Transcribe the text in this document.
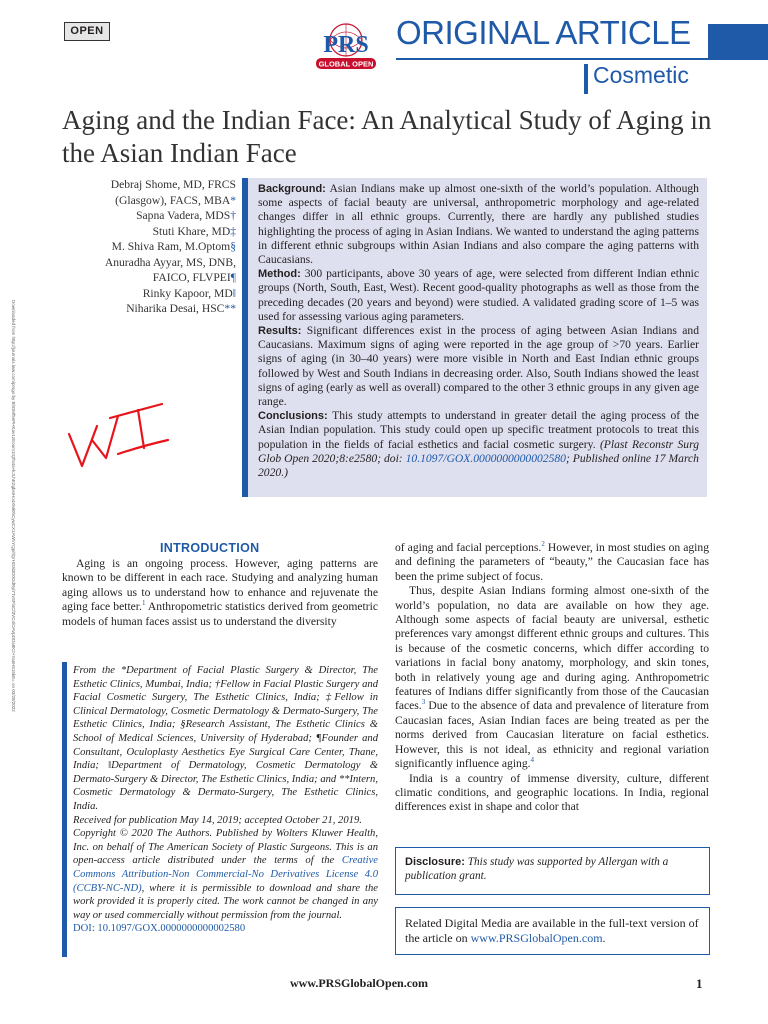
OPEN
PRS
GLOBAL OPEN
ORIGINAL ARTICLE
Cosmetic
Aging and the Indian Face: An Analytical Study of Aging in the Asian Indian Face
Debraj Shome, MD, FRCS
(Glasgow), FACS, MBA*
Sapna Vadera, MDS†
Stuti Khare, MD‡
M. Shiva Ram, M.Optom§
Anuradha Ayyar, MS, DNB,
FAICO, FLVPEI¶
Rinky Kapoor, MD‖
Niharika Desai, HSC**
Downloaded from http://journals.lww.com/prsgo by BhDMf5ePHKav1zEoum1tQfN4a+kJLhEZgbsIHo4XMi0hCywCX1AWnYQp/IlQrHD3i3D0OdRyi7TvSFl4Cf3VC4/OAVpDDa8K2+Ya6H515kE= on 03/28/2022

Background: Asian Indians make up almost one-sixth of the world’s population. Although some aspects of facial beauty are universal, anthropometric morphology and age-related changes differ in all ethnic groups. Currently, there are hardly any published studies highlighting the process of aging in Asian Indians. We wanted to understand the aging patterns in different ethnic subgroups within Asian Indians and also compare the aging patterns with Caucasians.

Method: 300 participants, above 30 years of age, were selected from different Indian ethnic groups (North, South, East, West). Recent good-quality photographs as well as those from the preceding decades (20 years and beyond) were studied. A validated grading score of 1–5 was used for assessing various aging parameters.

Results: Significant differences exist in the process of aging between Asian Indians and Caucasians. Maximum signs of aging were reported in the age group of >70 years. Earlier signs of aging (in 30–40 years) were more visible in North and East Indian ethnic groups followed by West and South Indians in decreasing order. Also, South Indians showed the least signs of aging (early as well as overall) compared to the other 3 ethnic groups in any given age range.

Conclusions: This study attempts to understand in greater detail the aging process of the Asian Indian population. This study could open up specific treatment protocols to treat this population in the fields of facial esthetics and facial cosmetic surgery. (Plast Reconstr Surg Glob Open 2020;8:e2580; doi: 10.1097/GOX.0000000000002580; Published online 17 March 2020.)

INTRODUCTION

Aging is an ongoing process. However, aging patterns are known to be different in each race. Studying and analyzing human aging allows us to understand how to enhance and rejuvenate the aging face better.$^1$ Anthropometric statistics derived from geometric models of human faces assist us to understand the diversity

of aging and facial perceptions.$^2$ However, in most studies on aging and defining the parameters of “beauty,” the Caucasian face has been the prime subject of focus.

Thus, despite Asian Indians forming almost one-sixth of the world’s population, no data are available on how they age. Although some aspects of facial beauty are universal, esthetic preferences vary amongst different ethnic groups and cultures. This is because of the cosmetic concerns, which differ according to variations in facial bony anatomy, morphology, and skin tones, both in relatively young age and during aging. Anthropometric features of Indians differ significantly from those of the Caucasian faces.$^3$ Due to the absence of data and prevalence of literature from Caucasian faces, Asian Indian faces are being treated as per the norms derived from Caucasian literature on facial esthetics. However, this is not ideal, as ethnicity and regional variation significantly influence aging.$^4$

India is a country of immense diversity, culture, different climatic conditions, and geographic locations. In India, regional differences exist in shape and color that

From the *Department of Facial Plastic Surgery & Director, The Esthetic Clinics, Mumbai, India; †Fellow in Facial Plastic Surgery and Facial Cosmetic Surgery, The Esthetic Clinics, India; ‡Fellow in Clinical Dermatology, Cosmetic Dermatology & Dermato-Surgery, The Esthetic Clinics, India; §Research Assistant, The Esthetic Clinics & School of Medical Sciences, University of Hyderabad; ¶Founder and Consultant, Oculoplasty Aesthetics Eye Surgical Care Center, Thane, India; ‖Department of Dermatology, Cosmetic Dermatology & Dermato-Surgery & Director, The Esthetic Clinics, India; and **Intern, Cosmetic Dermatology & Dermato-Surgery, The Esthetic Clinics, India.

Received for publication May 14, 2019; accepted October 21, 2019.

Copyright © 2020 The Authors. Published by Wolters Kluwer Health, Inc. on behalf of The American Society of Plastic Surgeons. This is an open-access article distributed under the terms of the Creative Commons Attribution-Non Commercial-No Derivatives License 4.0 (CCBY-NC-ND), where it is permissible to download and share the work provided it is properly cited. The work cannot be changed in any way or used commercially without permission from the journal.

DOI: 10.1097/GOX.0000000000002580

Disclosure: This study was supported by Allergan with a publication grant.
Related Digital Media are available in the full-text version of the article on www.PRSGlobalOpen.com.
www.PRSGlobalOpen.com	1
